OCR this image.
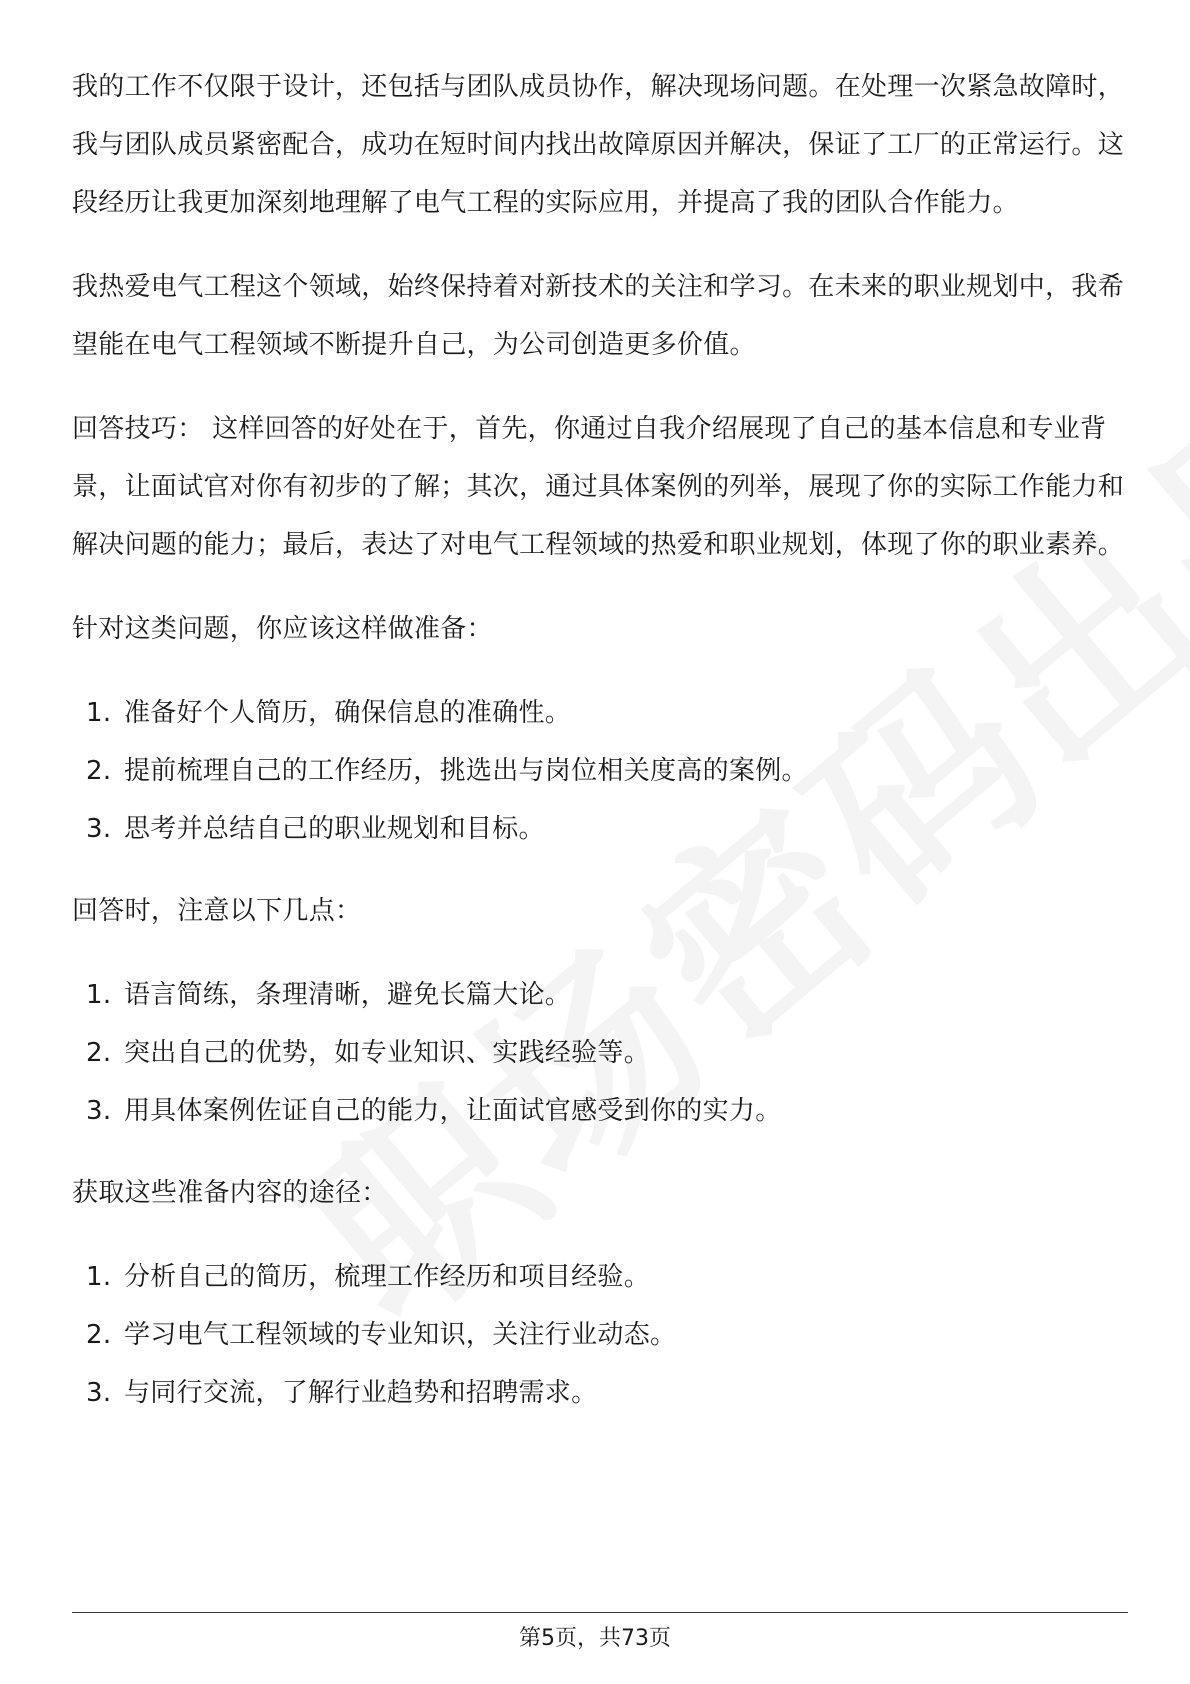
我的工作不仅限于设计，还包括与团队成员协作，解决现场问题。在处理一次紧急故障时，我与团队成员紧密配合，成功在短时间内找出故障原因并解决，保证了工厂的正常运行。这段经历让我更加深刻地理解了电气工程的实际应用，并提高了我的团队合作能力。

我热爱电气工程这个领域，始终保持着对新技术的关注和学习。在未来的职业规划中，我希望能在电气工程领域不断提升自己，为公司创造更多价值。

回答技巧： 这样回答的好处在于，首先，你通过自我介绍展现了自己的基本信息和专业背景，让面试官对你有初步的了解；其次，通过具体案例的列举，展现了你的实际工作能力和解决问题的能力；最后，表达了对电气工程领域的热爱和职业规划，体现了你的职业素养。

针对这类问题，你应该这样做准备：

1. 准备好个人简历，确保信息的准确性。
2. 提前梳理自己的工作经历，挑选出与岗位相关度高的案例。
3. 思考并总结自己的职业规划和目标。

回答时，注意以下几点：

1. 语言简练，条理清晰，避免长篇大论。
2. 突出自己的优势，如专业知识、实践经验等。
3. 用具体案例佐证自己的能力，让面试官感受到你的实力。

获取这些准备内容的途径：

1. 分析自己的简历，梳理工作经历和项目经验。
2. 学习电气工程领域的专业知识，关注行业动态。
3. 与同行交流，了解行业趋势和招聘需求。
第5页，共73页
